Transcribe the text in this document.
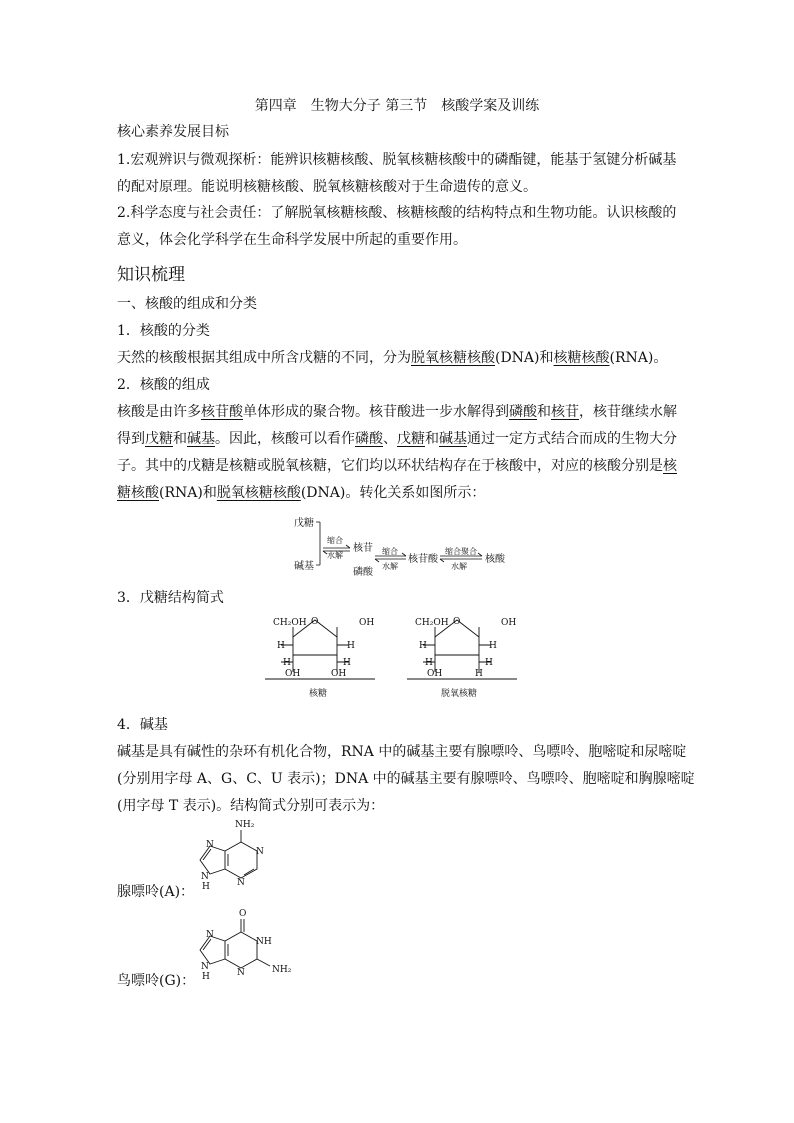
第四章　生物大分子 第三节　核酸学案及训练
核心素养发展目标
1.宏观辨识与微观探析：能辨识核糖核酸、脱氧核糖核酸中的磷酯键，能基于氢键分析碱基的配对原理。能说明核糖核酸、脱氧核糖核酸对于生命遗传的意义。
2.科学态度与社会责任：了解脱氧核糖核酸、核糖核酸的结构特点和生物功能。认识核酸的意义，体会化学科学在生命科学发展中所起的重要作用。
知识梳理
一、核酸的组成和分类
1．核酸的分类
天然的核酸根据其组成中所含戊糖的不同，分为脱氧核糖核酸(DNA)和核糖核酸(RNA)。
2．核酸的组成
核酸是由许多核苷酸单体形成的聚合物。核苷酸进一步水解得到磷酸和核苷，核苷继续水解
得到戊糖和碱基。因此，核酸可以看作磷酸、戊糖和碱基通过一定方式结合而成的生物大分
子。其中的戊糖是核糖或脱氧核糖，它们均以环状结构存在于核酸中，对应的核酸分别是核
糖核酸(RNA)和脱氧核糖核酸(DNA)。转化关系如图所示：
戊糖
碱基
缩合
水解
核苷
磷酸
缩合
水解
核苷酸
缩合聚合
水解
核酸
3．戊糖结构简式
CH₂OH O	OH
H	H
H	H
OH	OH
核糖
CH₂OH O	OH
H	H
H	H
OH	H
脱氧核糖
4．碱基
碱基是具有碱性的杂环有机化合物，RNA 中的碱基主要有腺嘌呤、鸟嘌呤、胞嘧啶和尿嘧啶
(分别用字母 A、G、C、U 表示)；DNA 中的碱基主要有腺嘌呤、鸟嘌呤、胞嘧啶和胸腺嘧啶
(用字母 T 表示)。结构简式分别可表示为：
腺嘌呤(A)：
NH₂
N
N
N
N
H
鸟嘌呤(G)：
O
NH
N	NH₂
N
N
H
